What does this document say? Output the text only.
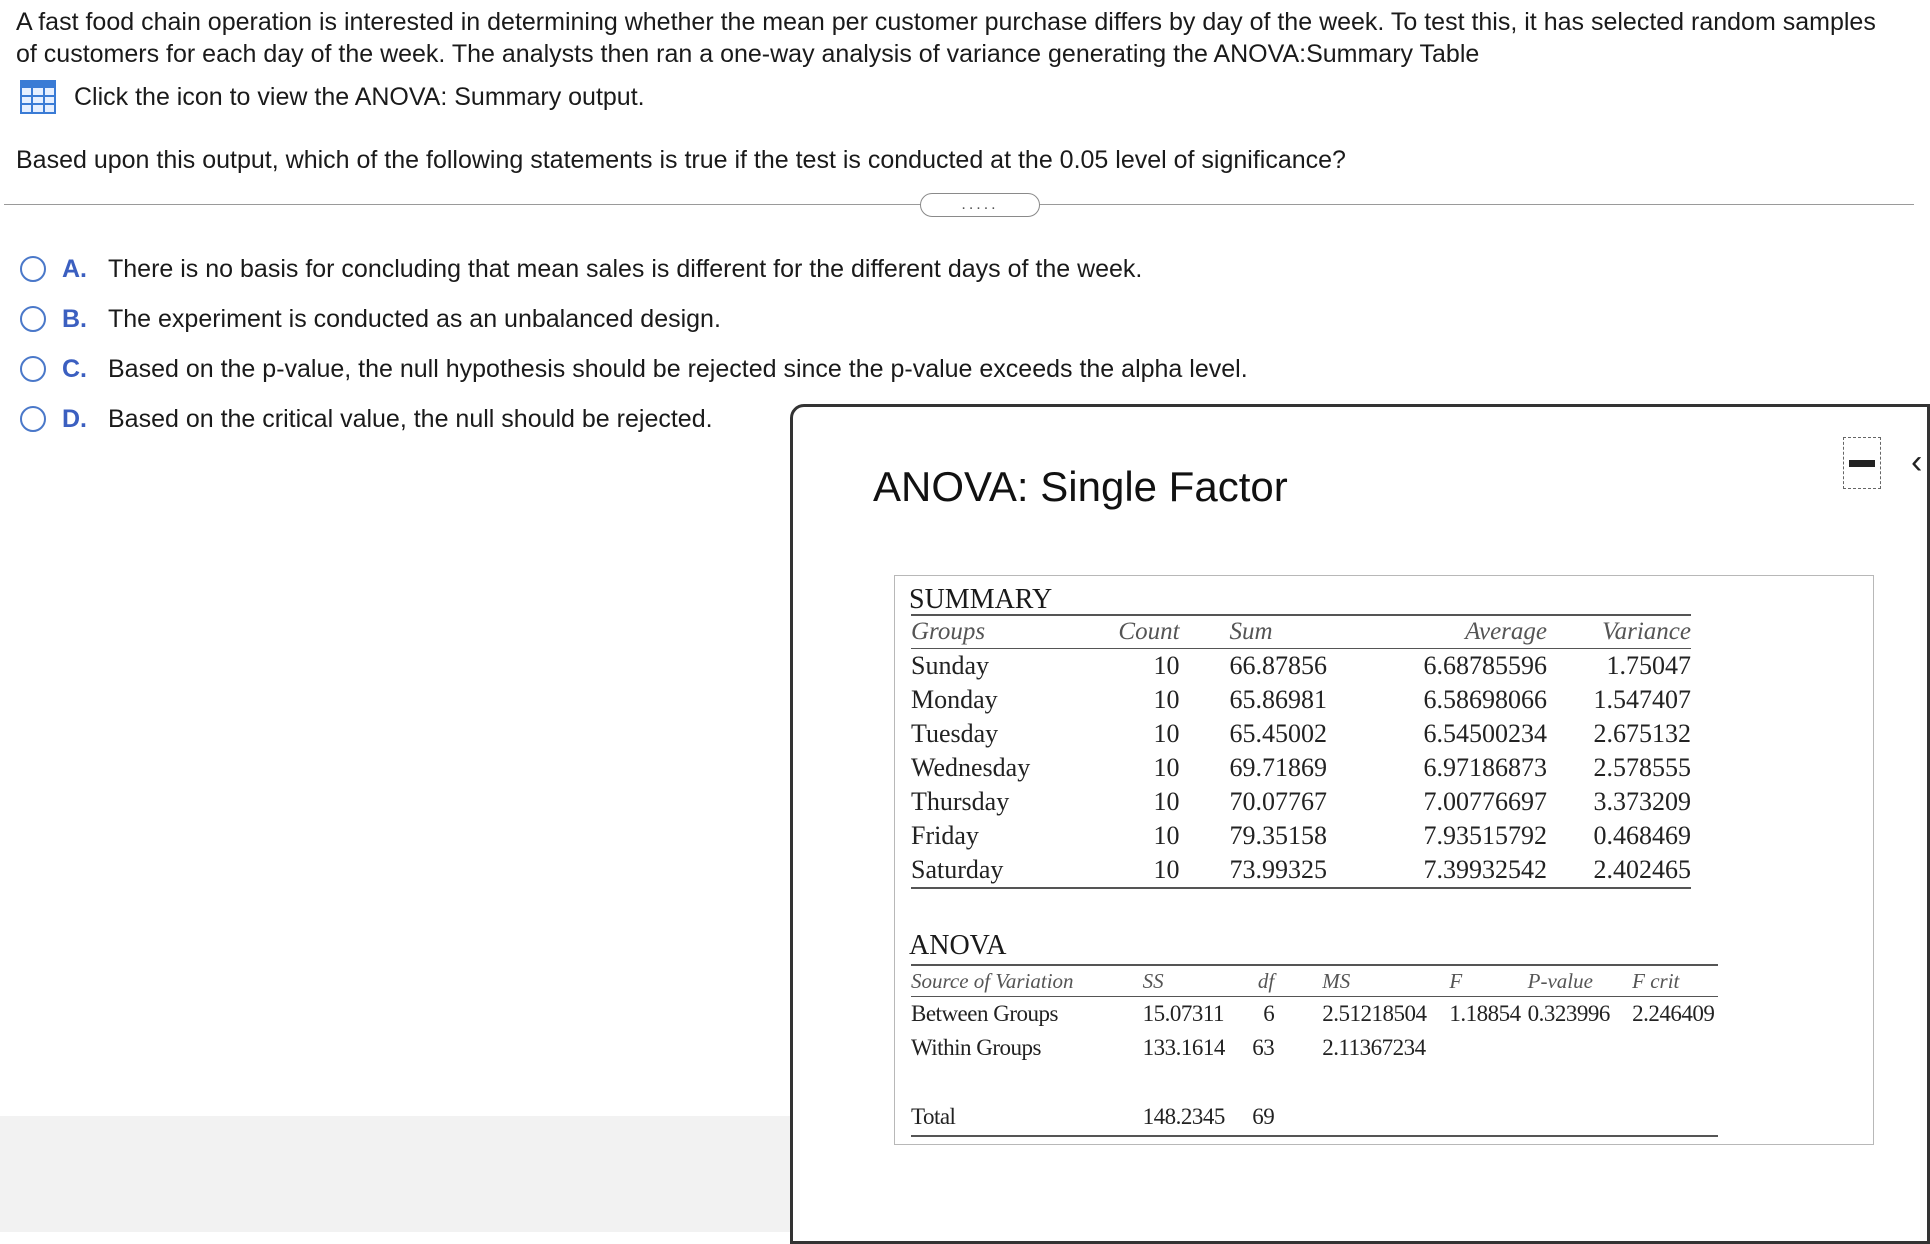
A fast food chain operation is interested in determining whether the mean per customer purchase differs by day of the week. To test this, it has selected random samples of customers for each day of the week. The analysts then ran a one-way analysis of variance generating the ANOVA:Summary Table

Click the icon to view the ANOVA: Summary output.
Based upon this output, which of the following statements is true if the test is conducted at the 0.05 level of significance?
.....
A. There is no basis for concluding that mean sales is different for the different days of the week.
B. The experiment is conducted as an unbalanced design.
C. Based on the p-value, the null hypothesis should be rejected since the p-value exceeds the alpha level.
D. Based on the critical value, the null should be rejected.
ANOVA: Single Factor
‹
SUMMARY
Groups	Count	Sum	Average	Variance
Sunday	10	66.87856	6.68785596	1.75047
Monday	10	65.86981	6.58698066	1.547407
Tuesday	10	65.45002	6.54500234	2.675132
Wednesday	10	69.71869	6.97186873	2.578555
Thursday	10	70.07767	7.00776697	3.373209
Friday	10	79.35158	7.93515792	0.468469
Saturday	10	73.99325	7.39932542	2.402465
ANOVA
Source of Variation	SS	df	MS	F	P-value	F crit
Between Groups	15.07311	6	2.51218504	1.18854	0.323996	2.246409
Within Groups	133.1614	63	2.11367234			

Total	148.2345	69				
